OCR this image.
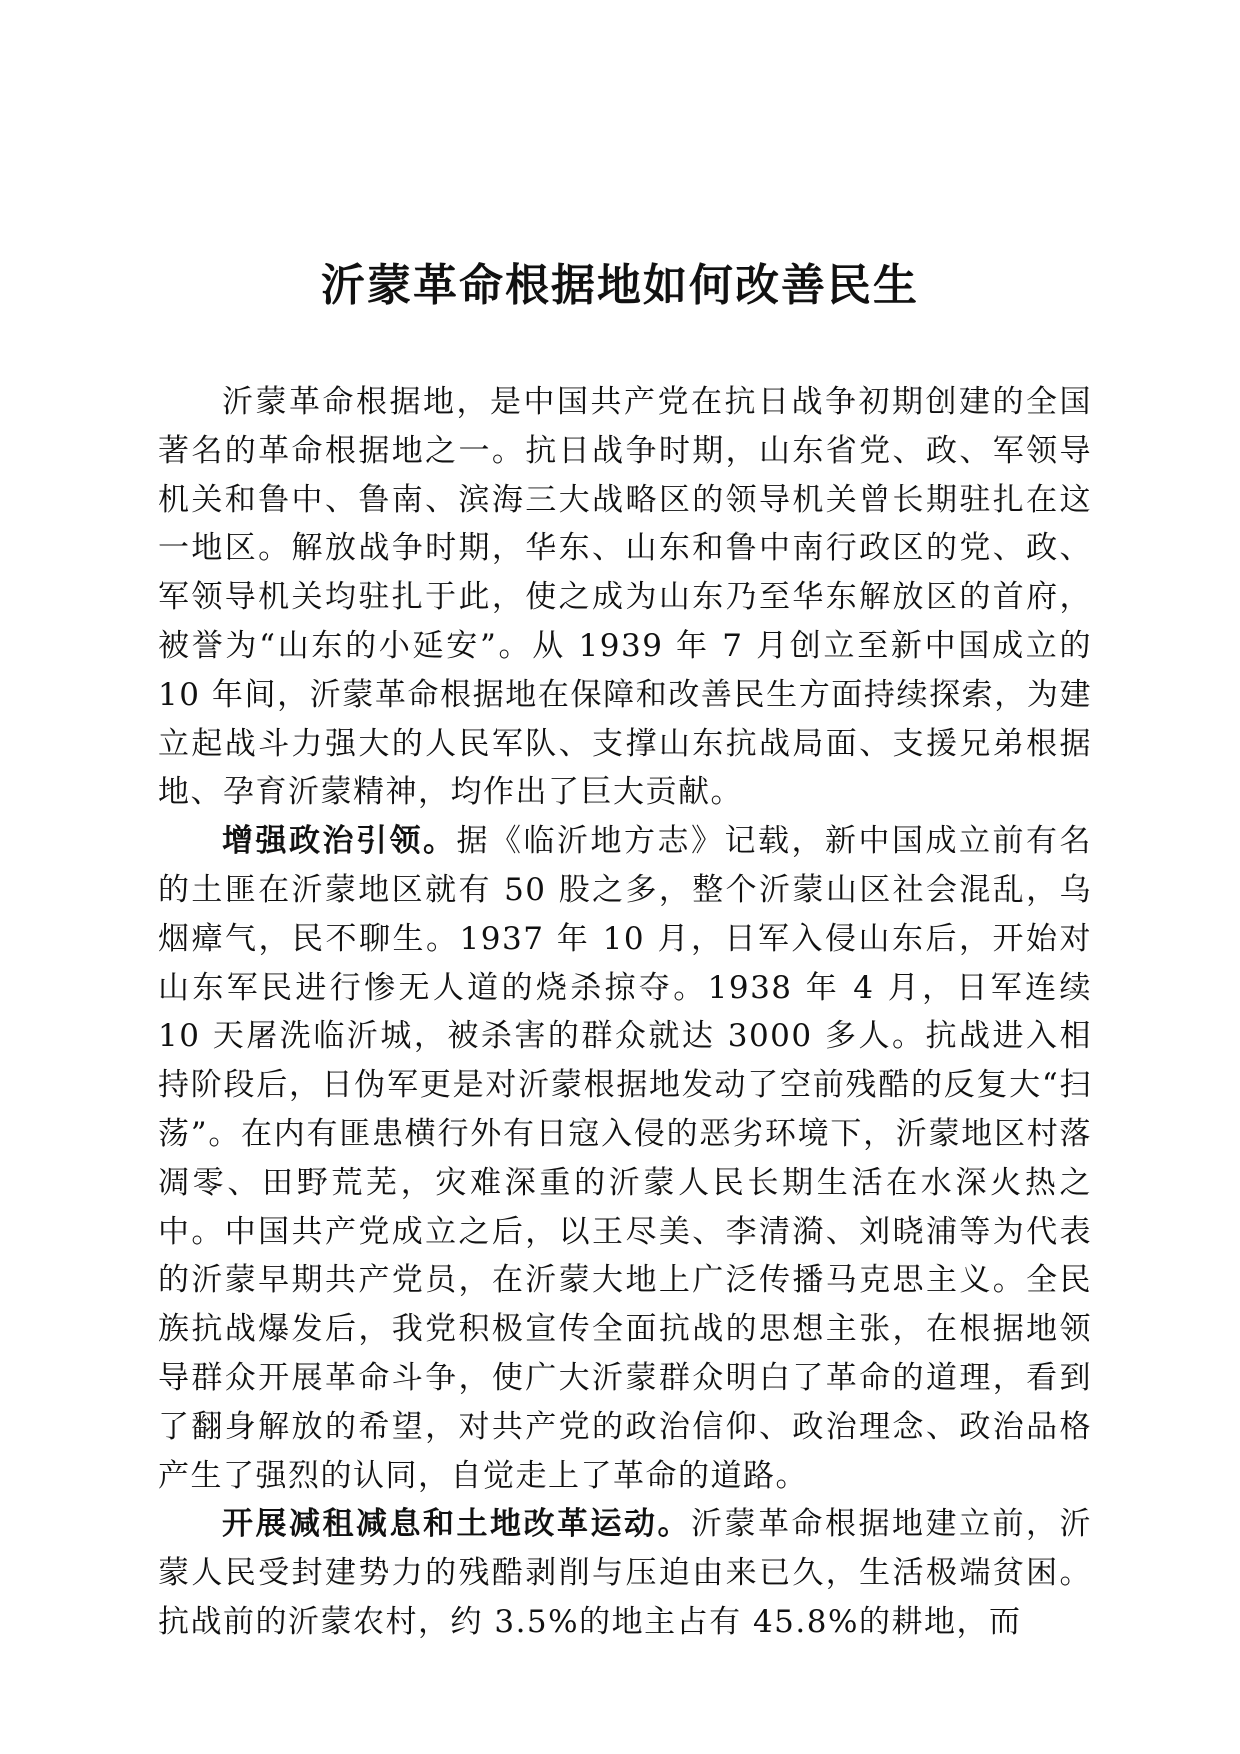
沂蒙革命根据地如何改善民生

沂蒙革命根据地，是中国共产党在抗日战争初期创建的全国著名的革命根据地之一。抗日战争时期，山东省党、政、军领导机关和鲁中、鲁南、滨海三大战略区的领导机关曾长期驻扎在这一地区。解放战争时期，华东、山东和鲁中南行政区的党、政、军领导机关均驻扎于此，使之成为山东乃至华东解放区的首府，被誉为“山东的小延安”。从 1939 年 7 月创立至新中国成立的 10 年间，沂蒙革命根据地在保障和改善民生方面持续探索，为建立起战斗力强大的人民军队、支撑山东抗战局面、支援兄弟根据地、孕育沂蒙精神，均作出了巨大贡献。

增强政治引领。据《临沂地方志》记载，新中国成立前有名的土匪在沂蒙地区就有 50 股之多，整个沂蒙山区社会混乱，乌烟瘴气，民不聊生。1937 年 10 月，日军入侵山东后，开始对山东军民进行惨无人道的烧杀掠夺。1938 年 4 月，日军连续 10 天屠洗临沂城，被杀害的群众就达 3000 多人。抗战进入相持阶段后，日伪军更是对沂蒙根据地发动了空前残酷的反复大“扫荡”。在内有匪患横行外有日寇入侵的恶劣环境下，沂蒙地区村落凋零、田野荒芜，灾难深重的沂蒙人民长期生活在水深火热之中。中国共产党成立之后，以王尽美、李清漪、刘晓浦等为代表的沂蒙早期共产党员，在沂蒙大地上广泛传播马克思主义。全民族抗战爆发后，我党积极宣传全面抗战的思想主张，在根据地领导群众开展革命斗争，使广大沂蒙群众明白了革命的道理，看到了翻身解放的希望，对共产党的政治信仰、政治理念、政治品格产生了强烈的认同，自觉走上了革命的道路。

开展减租减息和土地改革运动。沂蒙革命根据地建立前，沂蒙人民受封建势力的残酷剥削与压迫由来已久，生活极端贫困。抗战前的沂蒙农村，约 3.5%的地主占有 45.8%的耕地，而
